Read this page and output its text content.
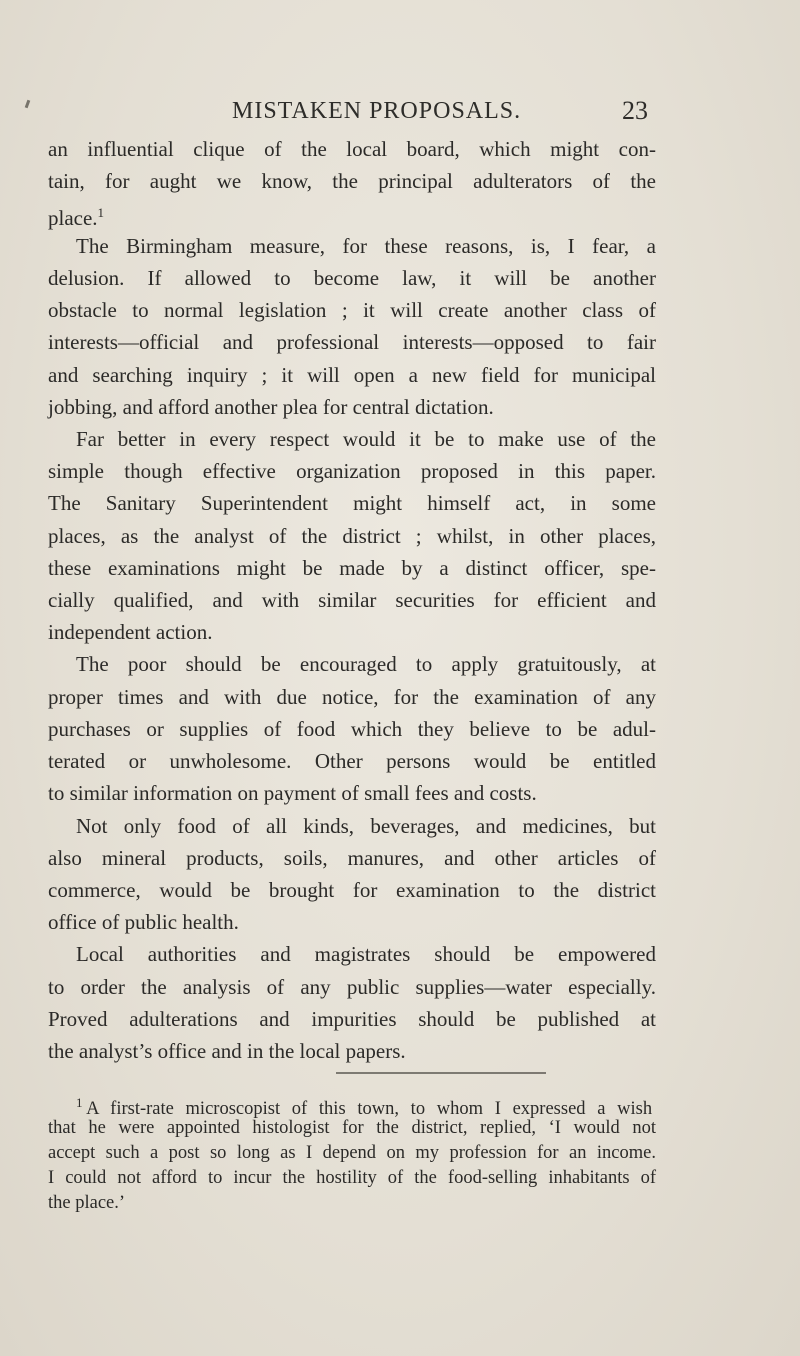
MISTAKEN PROPOSALS.	23
an influential clique of the local board, which might con-
tain, for aught we know, the principal adulterators of the
place.$^1$
The Birmingham measure, for these reasons, is, I fear, a
delusion. If allowed to become law, it will be another
obstacle to normal legislation ; it will create another class of
interests—official and professional interests—opposed to fair
and searching inquiry ; it will open a new field for municipal
jobbing, and afford another plea for central dictation.
Far better in every respect would it be to make use of the
simple though effective organization proposed in this paper.
The Sanitary Superintendent might himself act, in some
places, as the analyst of the district ; whilst, in other places,
these examinations might be made by a distinct officer, spe-
cially qualified, and with similar securities for efficient and
independent action.
The poor should be encouraged to apply gratuitously, at
proper times and with due notice, for the examination of any
purchases or supplies of food which they believe to be adul-
terated or unwholesome. Other persons would be entitled
to similar information on payment of small fees and costs.
Not only food of all kinds, beverages, and medicines, but
also mineral products, soils, manures, and other articles of
commerce, would be brought for examination to the district
office of public health.
Local authorities and magistrates should be empowered
to order the analysis of any public supplies—water especially.
Proved adulterations and impurities should be published at
the analyst’s office and in the local papers.
$^1$ A first-rate microscopist of this town, to whom I expressed a wish
that he were appointed histologist for the district, replied, ‘I would not
accept such a post so long as I depend on my profession for an income.
I could not afford to incur the hostility of the food-selling inhabitants of
the place.’
